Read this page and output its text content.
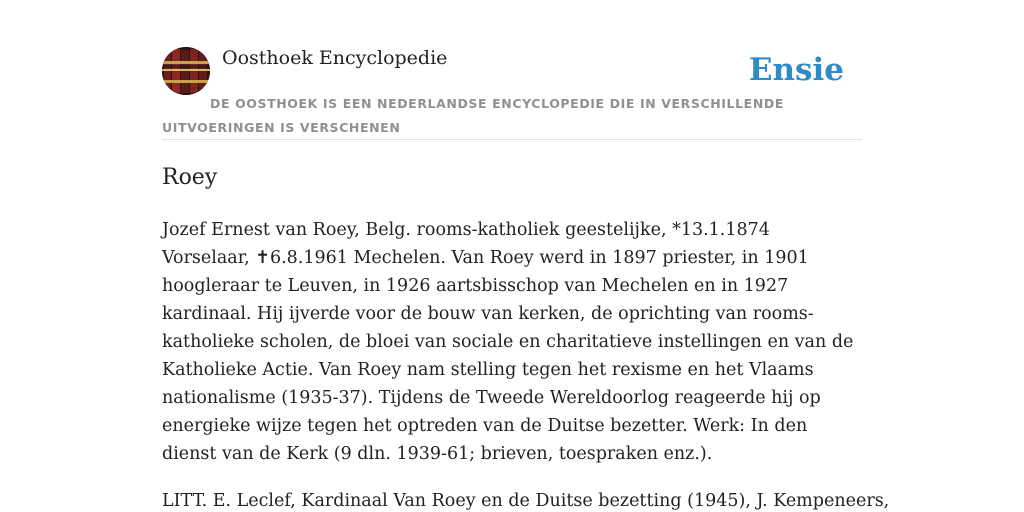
Oosthoek Encyclopedie	Ensie
DE OOSTHOEK IS EEN NEDERLANDSE ENCYCLOPEDIE DIE IN VERSCHILLENDE UITVOERINGEN IS VERSCHENEN
Roey

Jozef Ernest van Roey, Belg. rooms-katholiek geestelijke, *13.1.1874 Vorselaar, ✝6.8.1961 Mechelen. Van Roey werd in 1897 priester, in 1901 hoogleraar te Leuven, in 1926 aartsbisschop van Mechelen en in 1927 kardinaal. Hij ijverde voor de bouw van kerken, de oprichting van rooms-katholieke scholen, de bloei van sociale en charitatieve instellingen en van de Katholieke Actie. Van Roey nam stelling tegen het rexisme en het Vlaams nationalisme (1935-37). Tijdens de Tweede Wereldoorlog reageerde hij op energieke wijze tegen het optreden van de Duitse bezetter. Werk: In den dienst van de Kerk (9 dln. 1939-61; brieven, toespraken enz.).

LITT. E. Leclef, Kardinaal Van Roey en de Duitse bezetting (1945), J. Kempeneers,
